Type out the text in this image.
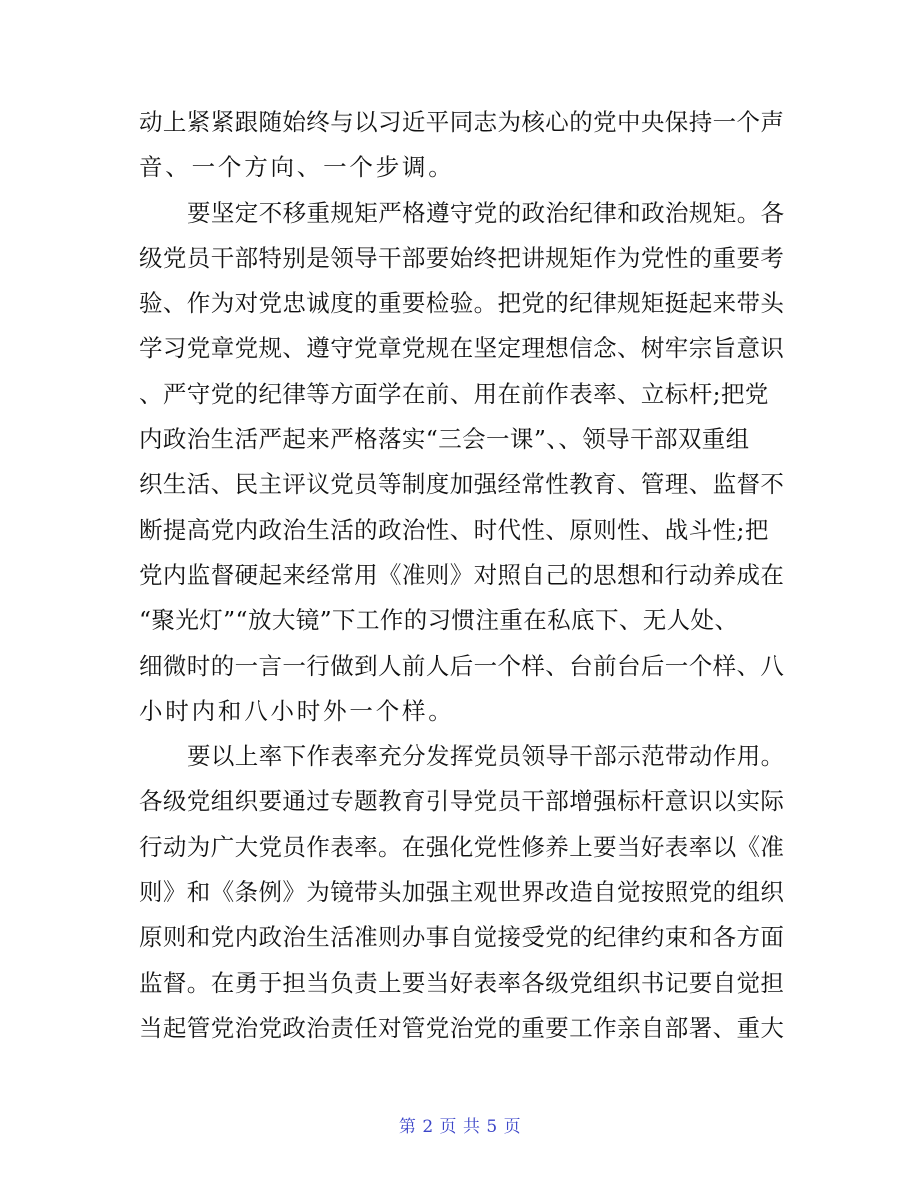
动上紧紧跟随始终与以习近平同志为核心的党中央保持一个声
音、一个方向、一个步调。
要坚定不移重规矩严格遵守党的政治纪律和政治规矩。各
级党员干部特别是领导干部要始终把讲规矩作为党性的重要考
验、作为对党忠诚度的重要检验。把党的纪律规矩挺起来带头
学习党章党规、遵守党章党规在坚定理想信念、树牢宗旨意识
、严守党的纪律等方面学在前、用在前作表率、立标杆;把党
内政治生活严起来严格落实“三会一课”、、领导干部双重组
织生活、民主评议党员等制度加强经常性教育、管理、监督不
断提高党内政治生活的政治性、时代性、原则性、战斗性;把
党内监督硬起来经常用《准则》对照自己的思想和行动养成在
“聚光灯”“放大镜”下工作的习惯注重在私底下、无人处、
细微时的一言一行做到人前人后一个样、台前台后一个样、八
小时内和八小时外一个样。
要以上率下作表率充分发挥党员领导干部示范带动作用。
各级党组织要通过专题教育引导党员干部增强标杆意识以实际
行动为广大党员作表率。在强化党性修养上要当好表率以《准
则》和《条例》为镜带头加强主观世界改造自觉按照党的组织
原则和党内政治生活准则办事自觉接受党的纪律约束和各方面
监督。在勇于担当负责上要当好表率各级党组织书记要自觉担
当起管党治党政治责任对管党治党的重要工作亲自部署、重大
第 2 页 共 5 页
